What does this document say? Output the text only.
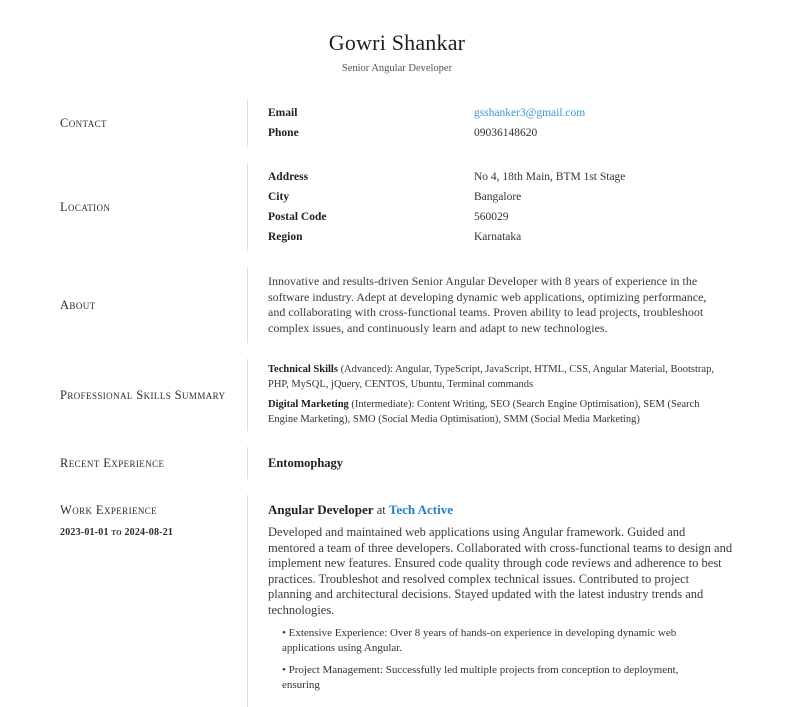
Gowri Shankar
Senior Angular Developer
Contact
Email	gsshanker3@gmail.com
Phone	09036148620
Location
Address	No 4, 18th Main, BTM 1st Stage
City	Bangalore
Postal Code	560029
Region	Karnataka
About

Innovative and results-driven Senior Angular Developer with 8 years of experience in the software industry. Adept at developing dynamic web applications, optimizing performance, and collaborating with cross-functional teams. Proven ability to lead projects, troubleshoot complex issues, and continuously learn and adapt to new technologies.

Professional Skills Summary

Technical Skills (Advanced): Angular, TypeScript, JavaScript, HTML, CSS, Angular Material, Bootstrap, PHP, MySQL, jQuery, CENTOS, Ubuntu, Terminal commands

Digital Marketing (Intermediate): Content Writing, SEO (Search Engine Optimisation), SEM (Search Engine Marketing), SMO (Social Media Optimisation), SMM (Social Media Marketing)

Recent Experience	Entomophagy
Work Experience
2023-01-01 to 2024-08-21
Angular Developer at Tech Active

Developed and maintained web applications using Angular framework. Guided and mentored a team of three developers. Collaborated with cross-functional teams to design and implement new features. Ensured code quality through code reviews and adherence to best practices. Troubleshot and resolved complex technical issues. Contributed to project planning and architectural decisions. Stayed updated with the latest industry trends and technologies.

• Extensive Experience: Over 8 years of hands-on experience in developing dynamic web applications using Angular.
• Project Management: Successfully led multiple projects from conception to deployment, ensuring
